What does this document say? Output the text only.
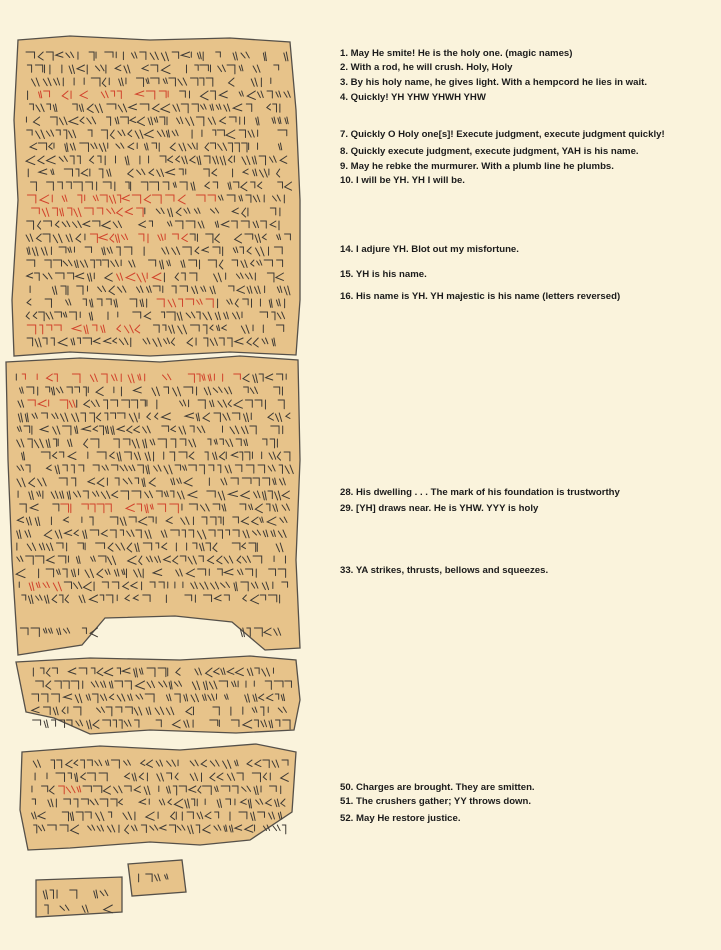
1. May He smite! He is the holy one. (magic names)

2. With a rod, he will crush. Holy, Holy

3. By his holy name, he gives light. With a hempcord he lies in wait.

4. Quickly! YH YHW YHWH YHW

7. Quickly O Holy one[s]! Execute judgment, execute judgment quickly!

8. Quickly execute judgment, execute judgment, YAH is his name.

9. May he rebke the murmurer. With a plumb line he plumbs.

10. I will be YH. YH I will be.

14. I adjure YH. Blot out my misfortune.

15. YH is his name.

16. His name is YH. YH majestic is his name (letters reversed)

28. His dwelling . . . The mark of his foundation is trustworthy

29. [YH] draws near. He is YHW. YYY is holy

33. YA strikes, thrusts, bellows and squeezes.

50. Charges are brought. They are smitten.

51. The crushers gather; YY throws down.

52. May He restore justice.
